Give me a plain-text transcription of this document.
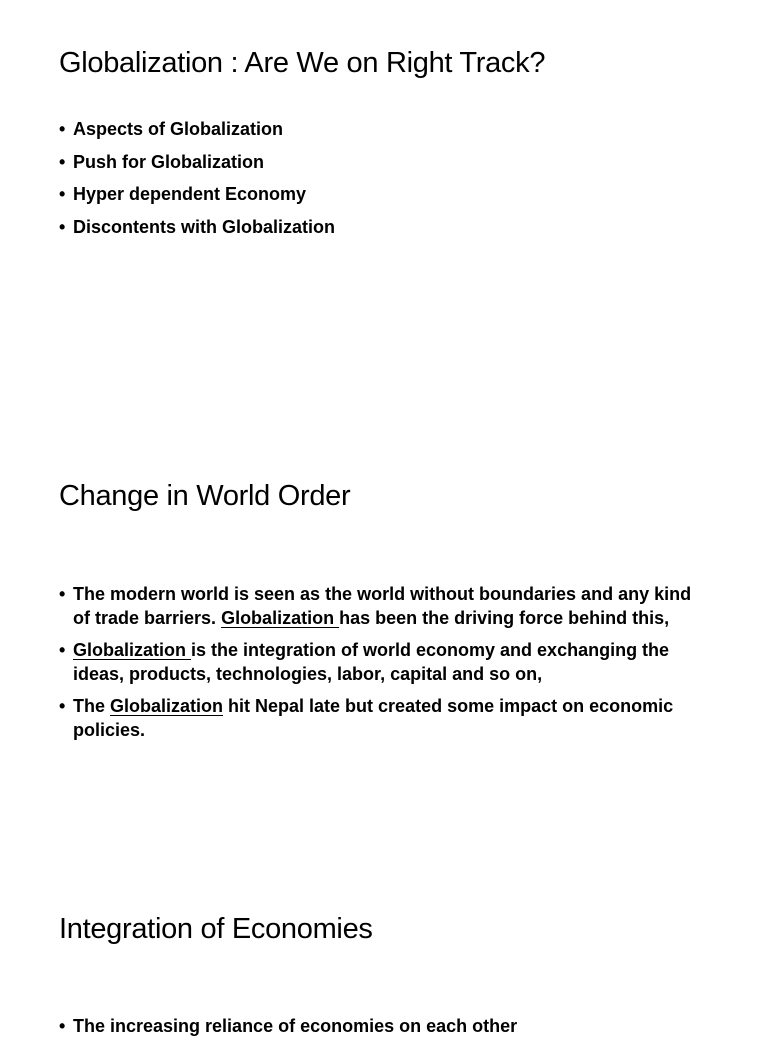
Globalization : Are We on Right Track?
• Aspects of Globalization
• Push for Globalization
• Hyper dependent Economy
• Discontents with Globalization
Change in World Order
• The modern world is seen as the world without boundaries and any kind of trade barriers. Globalization has been the driving force behind this,
• Globalization is the integration of world economy and exchanging the ideas, products, technologies, labor, capital and so on,
• The Globalization hit Nepal late but created some impact on economic policies.
Integration of Economies
• The increasing reliance of economies on each other
